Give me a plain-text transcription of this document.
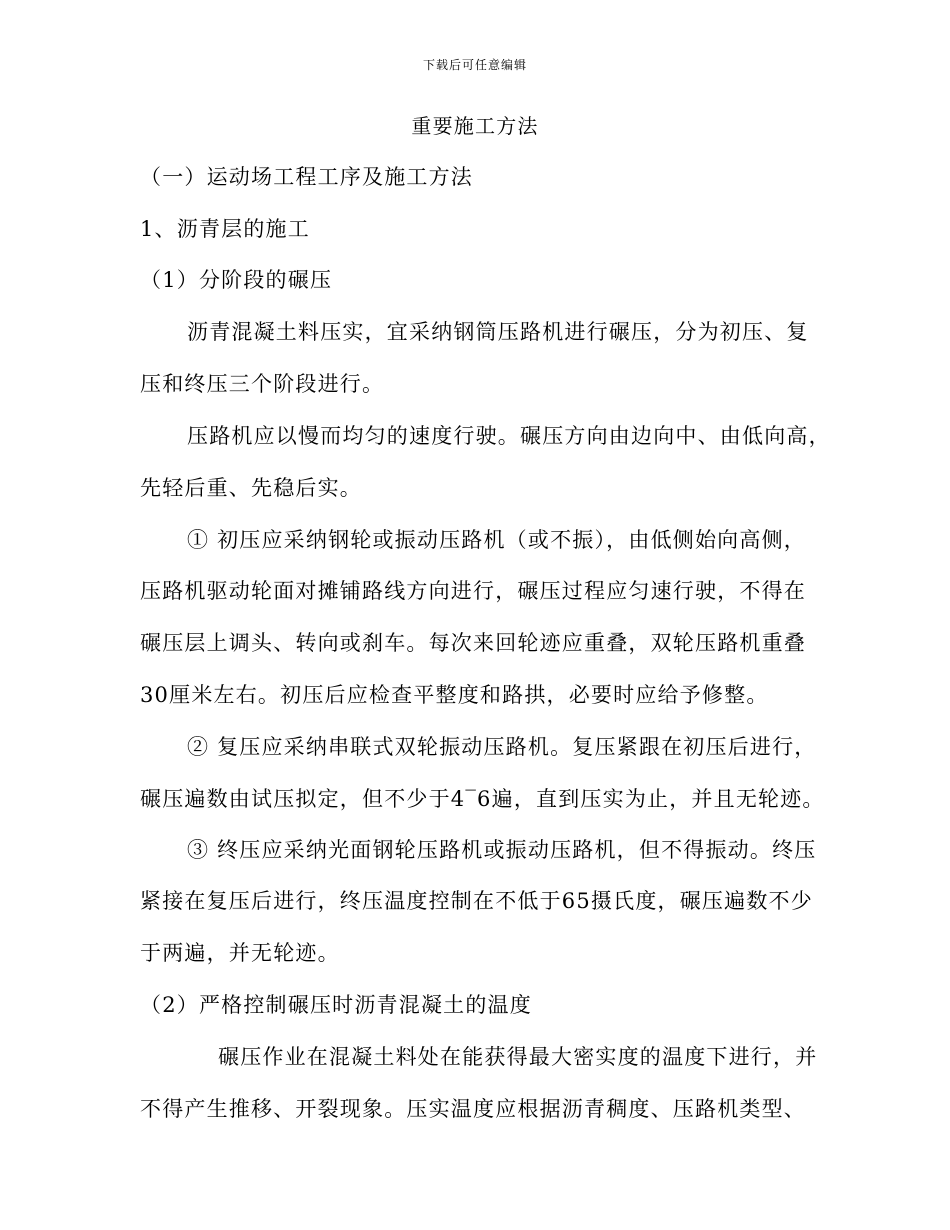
下载后可任意编辑
重要施工方法
（一）运动场工程工序及施工方法
1、沥青层的施工
（1）分阶段的碾压
沥青混凝土料压实，宜采纳钢筒压路机进行碾压，分为初压、复
压和终压三个阶段进行。
压路机应以慢而均匀的速度行驶。碾压方向由边向中、由低向高，
先轻后重、先稳后实。
① 初压应采纳钢轮或振动压路机（或不振），由低侧始向高侧，
压路机驱动轮面对摊铺路线方向进行，碾压过程应匀速行驶，不得在
碾压层上调头、转向或刹车。每次来回轮迹应重叠，双轮压路机重叠
30厘米左右。初压后应检查平整度和路拱，必要时应给予修整。
② 复压应采纳串联式双轮振动压路机。复压紧跟在初压后进行，
碾压遍数由试压拟定，但不少于4‾6遍，直到压实为止，并且无轮迹。
③ 终压应采纳光面钢轮压路机或振动压路机，但不得振动。终压
紧接在复压后进行，终压温度控制在不低于65摄氏度，碾压遍数不少
于两遍，并无轮迹。
（2）严格控制碾压时沥青混凝土的温度
碾压作业在混凝土料处在能获得最大密实度的温度下进行，并
不得产生推移、开裂现象。压实温度应根据沥青稠度、压路机类型、
